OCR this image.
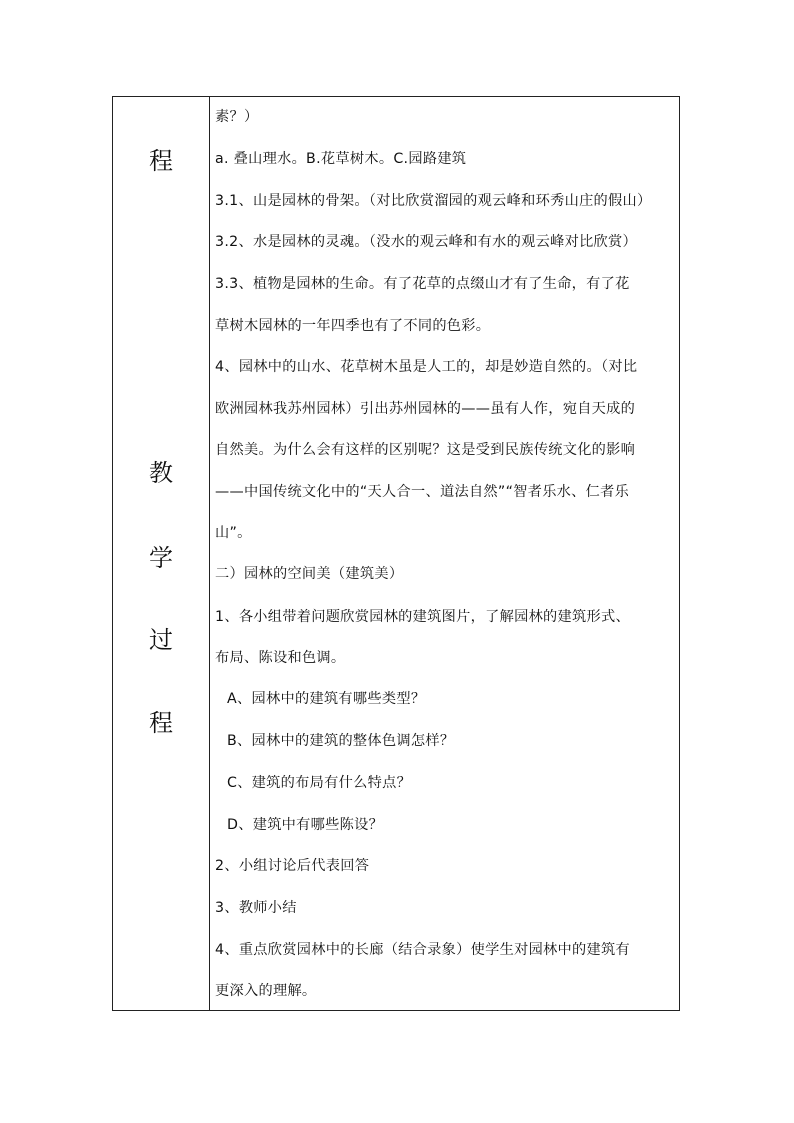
程
教
学
过
程
素？）
a. 叠山理水。B.花草树木。C.园路建筑
3.1、山是园林的骨架。（对比欣赏溜园的观云峰和环秀山庄的假山）
3.2、水是园林的灵魂。（没水的观云峰和有水的观云峰对比欣赏）
3.3、植物是园林的生命。有了花草的点缀山才有了生命，有了花
草树木园林的一年四季也有了不同的色彩。
4、园林中的山水、花草树木虽是人工的，却是妙造自然的。（对比
欧洲园林我苏州园林）引出苏州园林的——虽有人作，宛自天成的
自然美。为什么会有这样的区别呢？这是受到民族传统文化的影响
——中国传统文化中的“天人合一、道法自然”“智者乐水、仁者乐
山”。
二）园林的空间美（建筑美）
1、各小组带着问题欣赏园林的建筑图片，了解园林的建筑形式、
布局、陈设和色调。
A、园林中的建筑有哪些类型？
B、园林中的建筑的整体色调怎样？
C、建筑的布局有什么特点？
D、建筑中有哪些陈设？
2、小组讨论后代表回答
3、教师小结
4、重点欣赏园林中的长廊（结合录象）使学生对园林中的建筑有
更深入的理解。
